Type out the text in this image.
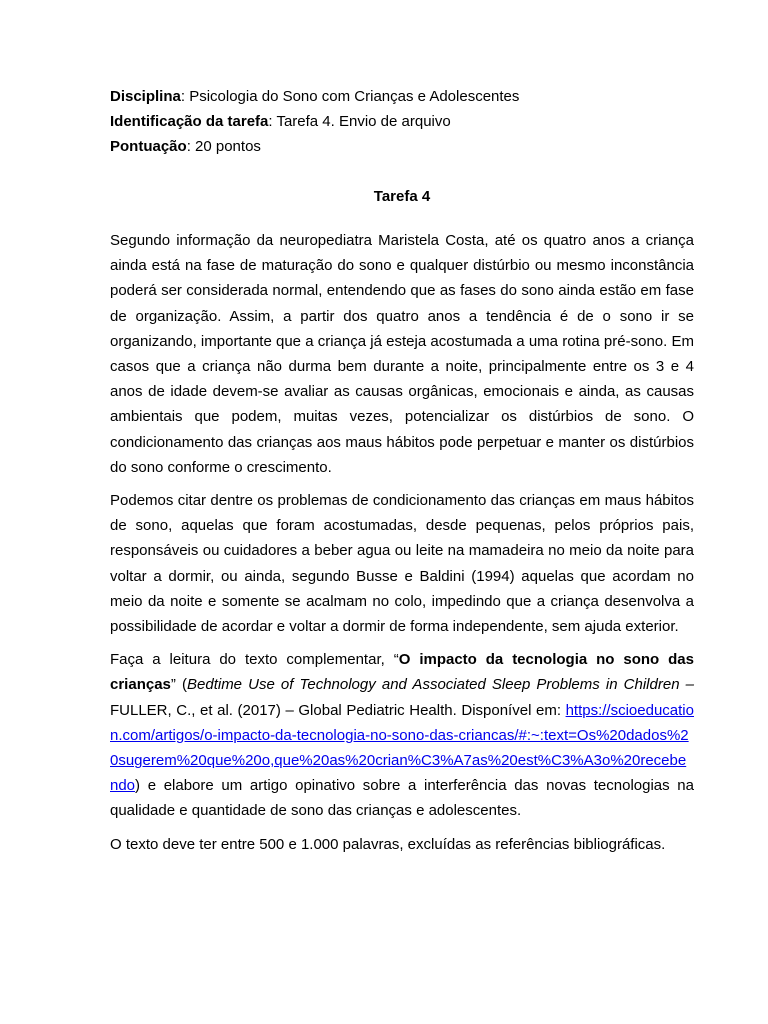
Disciplina: Psicologia do Sono com Crianças e Adolescentes

Identificação da tarefa: Tarefa 4. Envio de arquivo

Pontuação: 20 pontos

Tarefa 4

Segundo informação da neuropediatra Maristela Costa, até os quatro anos a criança ainda está na fase de maturação do sono e qualquer distúrbio ou mesmo inconstância poderá ser considerada normal, entendendo que as fases do sono ainda estão em fase de organização. Assim, a partir dos quatro anos a tendência é de o sono ir se organizando, importante que a criança já esteja acostumada a uma rotina pré-sono. Em casos que a criança não durma bem durante a noite, principalmente entre os 3 e 4 anos de idade devem-se avaliar as causas orgânicas, emocionais e ainda, as causas ambientais que podem, muitas vezes, potencializar os distúrbios de sono. O condicionamento das crianças aos maus hábitos pode perpetuar e manter os distúrbios do sono conforme o crescimento.

Podemos citar dentre os problemas de condicionamento das crianças em maus hábitos de sono, aquelas que foram acostumadas, desde pequenas, pelos próprios pais, responsáveis ou cuidadores a beber agua ou leite na mamadeira no meio da noite para voltar a dormir, ou ainda, segundo Busse e Baldini (1994) aquelas que acordam no meio da noite e somente se acalmam no colo, impedindo que a criança desenvolva a possibilidade de acordar e voltar a dormir de forma independente, sem ajuda exterior.

Faça a leitura do texto complementar, “O impacto da tecnologia no sono das crianças” (Bedtime Use of Technology and Associated Sleep Problems in Children – FULLER, C., et al. (2017) – Global Pediatric Health. Disponível em: https://scioeducation.com/artigos/o-impacto-da-tecnologia-no-sono-das-criancas/#:~:text=Os%20dados%20sugerem%20que%20o,que%20as%20crian%C3%A7as%20est%C3%A3o%20recebendo) e elabore um artigo opinativo sobre a interferência das novas tecnologias na qualidade e quantidade de sono das crianças e adolescentes.

O texto deve ter entre 500 e 1.000 palavras, excluídas as referências bibliográficas.
